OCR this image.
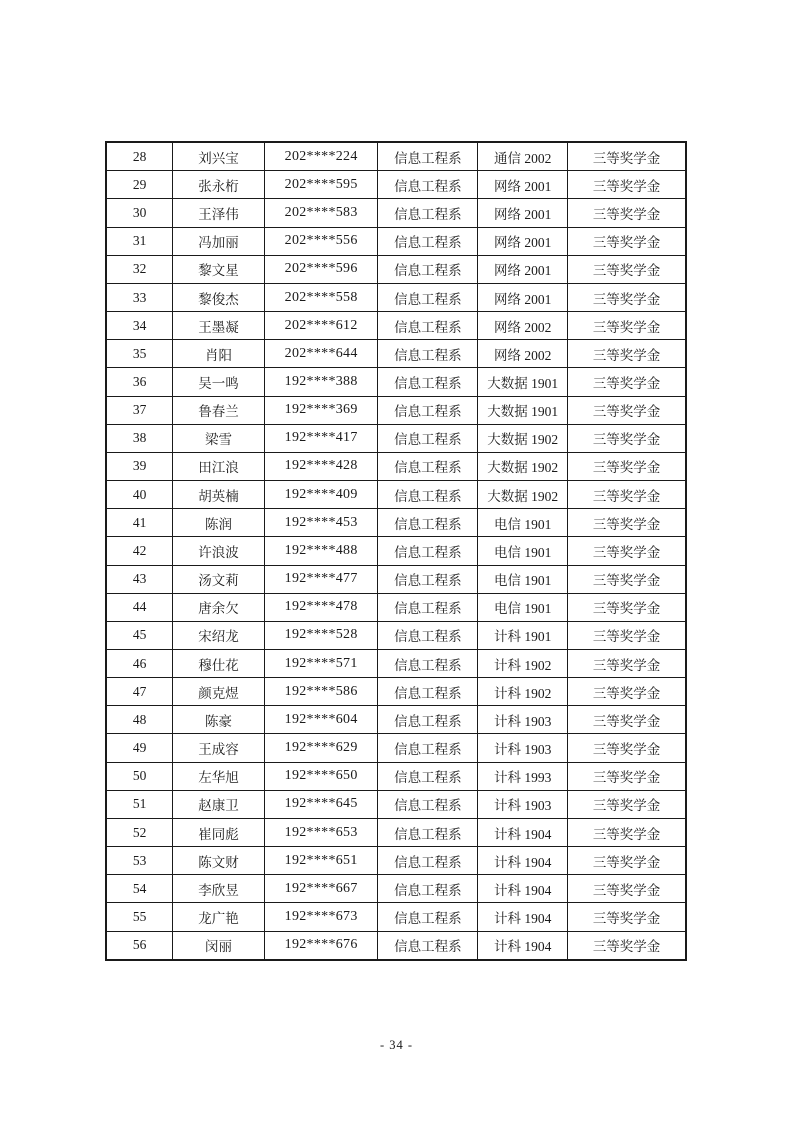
28	刘兴宝	202****224	信息工程系	通信 2002	三等奖学金
29	张永桁	202****595	信息工程系	网络 2001	三等奖学金
30	王泽伟	202****583	信息工程系	网络 2001	三等奖学金
31	冯加丽	202****556	信息工程系	网络 2001	三等奖学金
32	黎文星	202****596	信息工程系	网络 2001	三等奖学金
33	黎俊杰	202****558	信息工程系	网络 2001	三等奖学金
34	王墨凝	202****612	信息工程系	网络 2002	三等奖学金
35	肖阳	202****644	信息工程系	网络 2002	三等奖学金
36	吴一鸣	192****388	信息工程系	大数据 1901	三等奖学金
37	鲁春兰	192****369	信息工程系	大数据 1901	三等奖学金
38	梁雪	192****417	信息工程系	大数据 1902	三等奖学金
39	田江浪	192****428	信息工程系	大数据 1902	三等奖学金
40	胡英楠	192****409	信息工程系	大数据 1902	三等奖学金
41	陈润	192****453	信息工程系	电信 1901	三等奖学金
42	许浪波	192****488	信息工程系	电信 1901	三等奖学金
43	汤文莉	192****477	信息工程系	电信 1901	三等奖学金
44	唐余欠	192****478	信息工程系	电信 1901	三等奖学金
45	宋绍龙	192****528	信息工程系	计科 1901	三等奖学金
46	穆仕花	192****571	信息工程系	计科 1902	三等奖学金
47	颜克煜	192****586	信息工程系	计科 1902	三等奖学金
48	陈豪	192****604	信息工程系	计科 1903	三等奖学金
49	王成容	192****629	信息工程系	计科 1903	三等奖学金
50	左华旭	192****650	信息工程系	计科 1993	三等奖学金
51	赵康卫	192****645	信息工程系	计科 1903	三等奖学金
52	崔同彪	192****653	信息工程系	计科 1904	三等奖学金
53	陈文财	192****651	信息工程系	计科 1904	三等奖学金
54	李欣昱	192****667	信息工程系	计科 1904	三等奖学金
55	龙广艳	192****673	信息工程系	计科 1904	三等奖学金
56	闵丽	192****676	信息工程系	计科 1904	三等奖学金
- 34 -
